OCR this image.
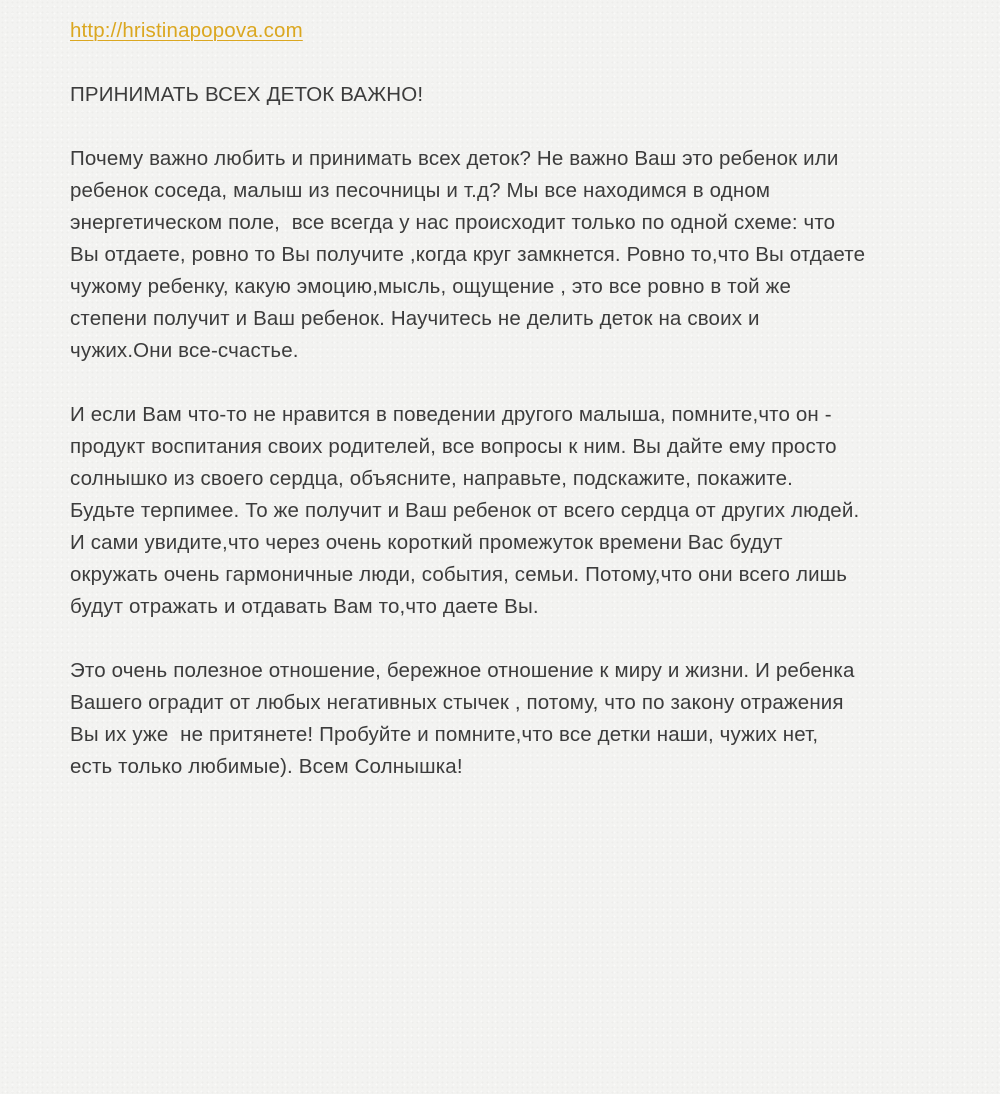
http://hristinapopova.com
ПРИНИМАТЬ ВСЕХ ДЕТОК ВАЖНО!
Почему важно любить и принимать всех деток? Не важно Ваш это ребенок или
ребенок соседа, малыш из песочницы и т.д? Мы все находимся в одном
энергетическом поле,  все всегда у нас происходит только по одной схеме: что
Вы отдаете, ровно то Вы получите ,когда круг замкнется. Ровно то,что Вы отдаете
чужому ребенку, какую эмоцию,мысль, ощущение , это все ровно в той же
степени получит и Ваш ребенок. Научитесь не делить деток на своих и
чужих.Они все-счастье.
И если Вам что-то не нравится в поведении другого малыша, помните,что он -
продукт воспитания своих родителей, все вопросы к ним. Вы дайте ему просто
солнышко из своего сердца, объясните, направьте, подскажите, покажите.
Будьте терпимее. То же получит и Ваш ребенок от всего сердца от других людей.
И сами увидите,что через очень короткий промежуток времени Вас будут
окружать очень гармоничные люди, события, семьи. Потому,что они всего лишь
будут отражать и отдавать Вам то,что даете Вы.
Это очень полезное отношение, бережное отношение к миру и жизни. И ребенка
Вашего оградит от любых негативных стычек , потому, что по закону отражения
Вы их уже  не притянете! Пробуйте и помните,что все детки наши, чужих нет,
есть только любимые). Всем Солнышка!
